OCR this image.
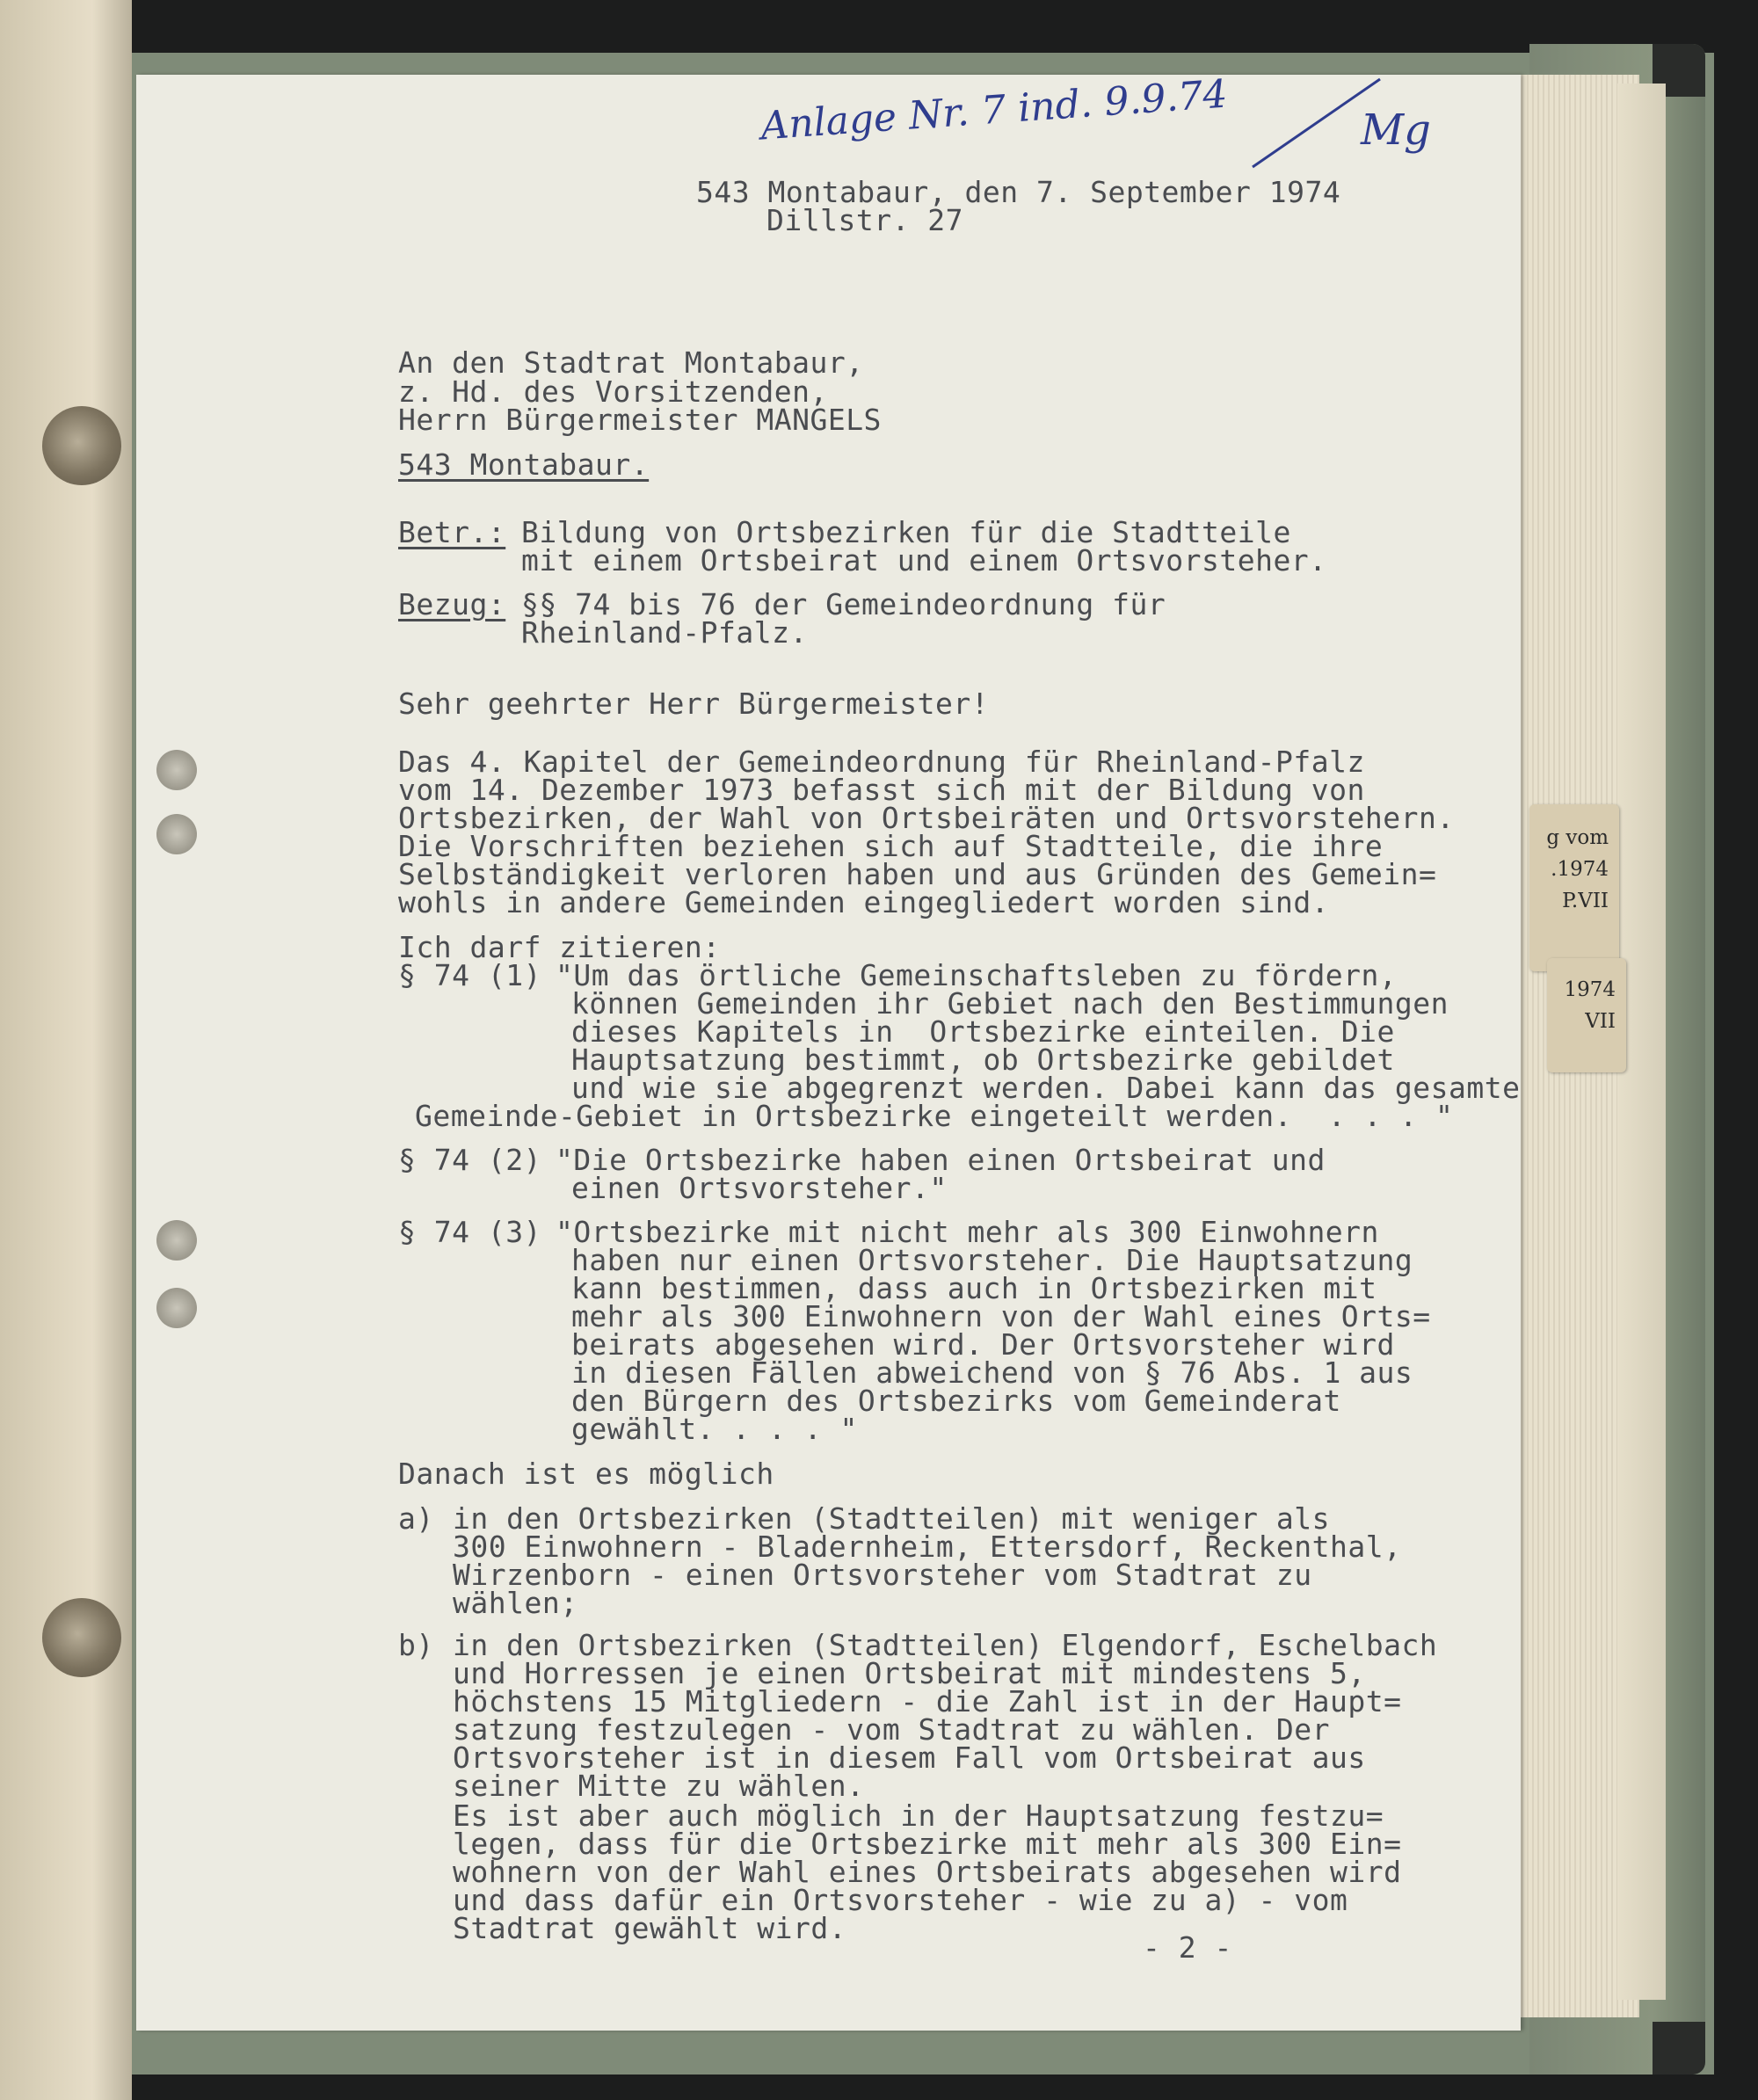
g vom
.1974
P.VII
1974
VII
Anlage Nr. 7 ind. 9.9.74	Mg
543 Montabaur, den 7. September 1974
Dillstr. 27
An den Stadtrat Montabaur,
z. Hd. des Vorsitzenden,
Herrn Bürgermeister MANGELS
543 Montabaur.
Betr.: Bildung von Ortsbezirken für die Stadtteile
mit einem Ortsbeirat und einem Ortsvorsteher.
Bezug: §§ 74 bis 76 der Gemeindeordnung für
Rheinland-Pfalz.
Sehr geehrter Herr Bürgermeister!
Das 4. Kapitel der Gemeindeordnung für Rheinland-Pfalz
vom 14. Dezember 1973 befasst sich mit der Bildung von
Ortsbezirken, der Wahl von Ortsbeiräten und Ortsvorstehern.
Die Vorschriften beziehen sich auf Stadtteile, die ihre
Selbständigkeit verloren haben und aus Gründen des Gemein=
wohls in andere Gemeinden eingegliedert worden sind.
Ich darf zitieren:
§ 74 (1) "Um das örtliche Gemeinschaftsleben zu fördern,
können Gemeinden ihr Gebiet nach den Bestimmungen
dieses Kapitels in  Ortsbezirke einteilen. Die
Hauptsatzung bestimmt, ob Ortsbezirke gebildet
und wie sie abgegrenzt werden. Dabei kann das gesamte
Gemeinde-Gebiet in Ortsbezirke eingeteilt werden.  . . . "
§ 74 (2) "Die Ortsbezirke haben einen Ortsbeirat und
einen Ortsvorsteher."
§ 74 (3) "Ortsbezirke mit nicht mehr als 300 Einwohnern
haben nur einen Ortsvorsteher. Die Hauptsatzung
kann bestimmen, dass auch in Ortsbezirken mit
mehr als 300 Einwohnern von der Wahl eines Orts=
beirats abgesehen wird. Der Ortsvorsteher wird
in diesen Fällen abweichend von § 76 Abs. 1 aus
den Bürgern des Ortsbezirks vom Gemeinderat
gewählt. . . . "
Danach ist es möglich
a) in den Ortsbezirken (Stadtteilen) mit weniger als
300 Einwohnern - Bladernheim, Ettersdorf, Reckenthal,
Wirzenborn - einen Ortsvorsteher vom Stadtrat zu
wählen;
b) in den Ortsbezirken (Stadtteilen) Elgendorf, Eschelbach
und Horressen je einen Ortsbeirat mit mindestens 5,
höchstens 15 Mitgliedern - die Zahl ist in der Haupt=
satzung festzulegen - vom Stadtrat zu wählen. Der
Ortsvorsteher ist in diesem Fall vom Ortsbeirat aus
seiner Mitte zu wählen.
Es ist aber auch möglich in der Hauptsatzung festzu=
legen, dass für die Ortsbezirke mit mehr als 300 Ein=
wohnern von der Wahl eines Ortsbeirats abgesehen wird
und dass dafür ein Ortsvorsteher - wie zu a) - vom
Stadtrat gewählt wird.
- 2 -
